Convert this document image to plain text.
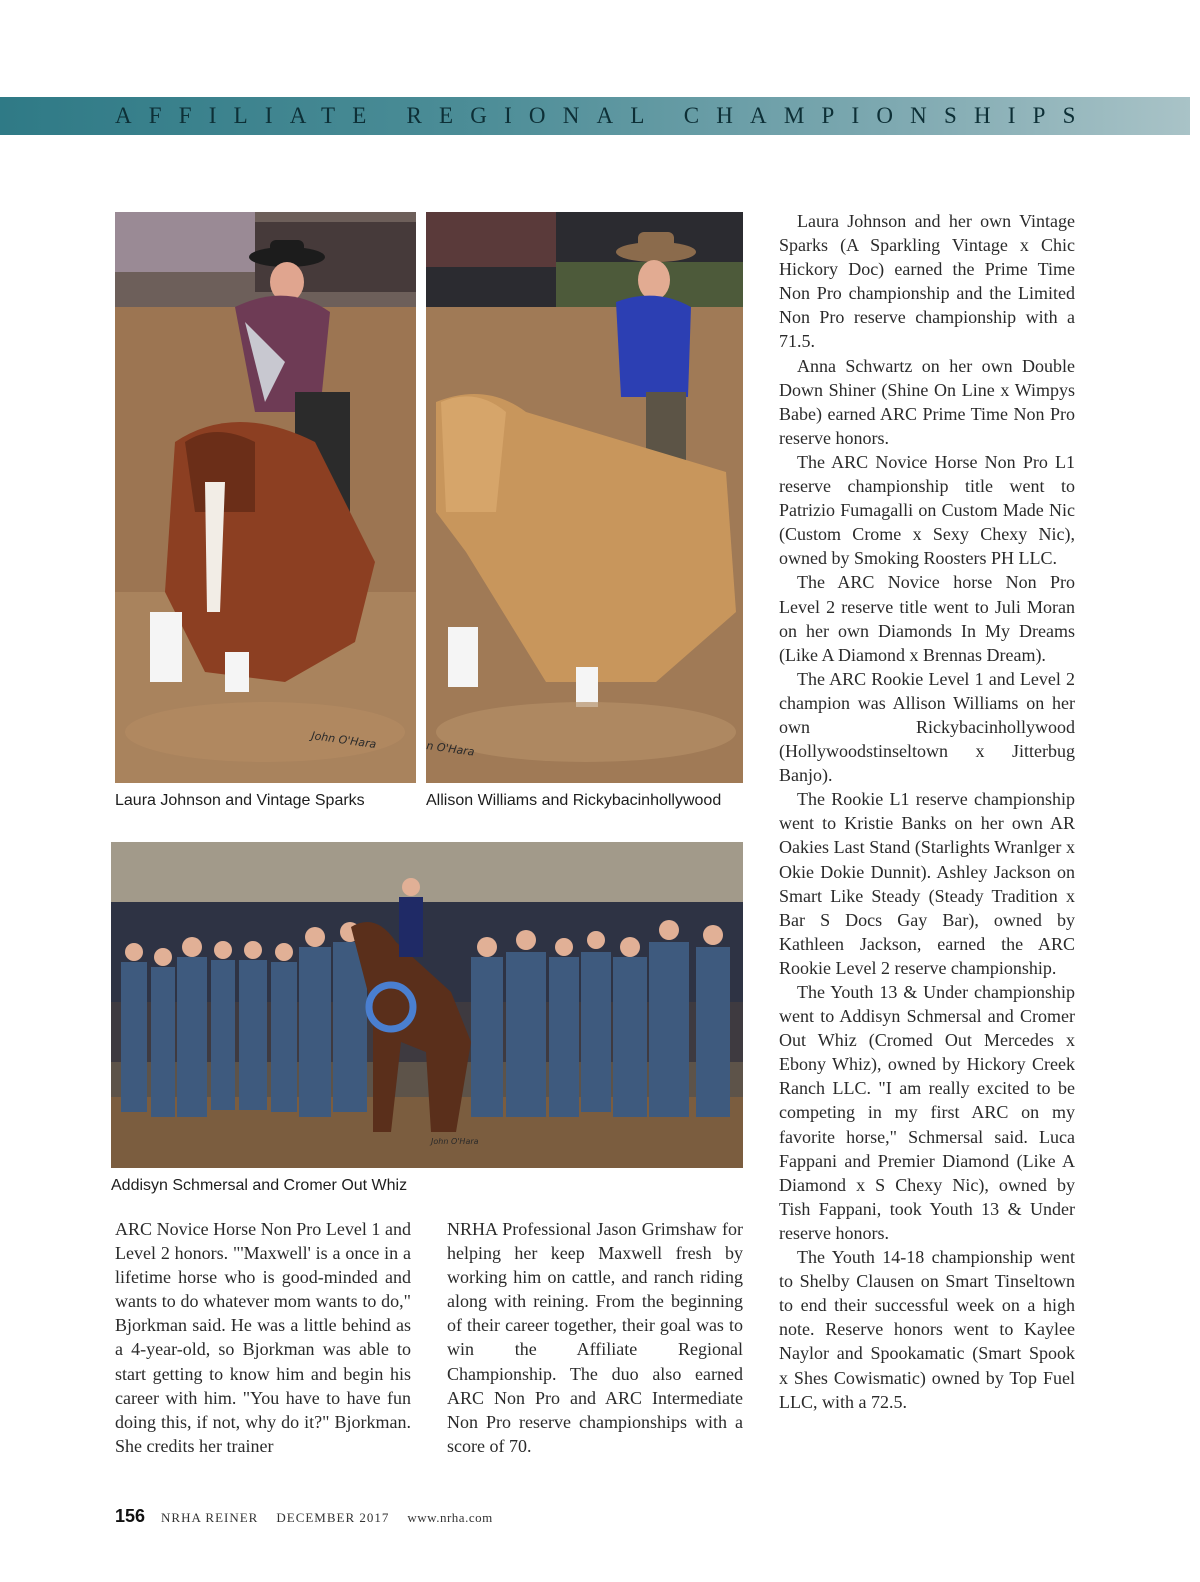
AFFILIATE REGIONAL CHAMPIONSHIPS
John O'Hara
Laura Johnson and Vintage Sparks
n O'Hara
Allison Williams and Rickybacinhollywood
John O'Hara
Addisyn Schmersal and Cromer Out Whiz

ARC Novice Horse Non Pro Level 1 and Level 2 honors. "'Maxwell' is a once in a lifetime horse who is good-minded and wants to do whatever mom wants to do," Bjorkman said. He was a little behind as a 4-year-old, so Bjorkman was able to start getting to know him and begin his career with him. "You have to have fun doing this, if not, why do it?" Bjorkman. She credits her trainer

NRHA Professional Jason Grimshaw for helping her keep Maxwell fresh by working him on cattle, and ranch riding along with reining. From the beginning of their career together, their goal was to win the Affiliate Regional Championship. The duo also earned ARC Non Pro and ARC Intermediate Non Pro reserve championships with a score of 70.

Laura Johnson and her own Vintage Sparks (A Sparkling Vintage x Chic Hickory Doc) earned the Prime Time Non Pro championship and the Limited Non Pro reserve championship with a 71.5.

Anna Schwartz on her own Double Down Shiner (Shine On Line x Wimpys Babe) earned ARC Prime Time Non Pro reserve honors.

The ARC Novice Horse Non Pro L1 reserve championship title went to Patrizio Fumagalli on Custom Made Nic (Custom Crome x Sexy Chexy Nic), owned by Smoking Roosters PH LLC.

The ARC Novice horse Non Pro Level 2 reserve title went to Juli Moran on her own Diamonds In My Dreams (Like A Diamond x Brennas Dream).

The ARC Rookie Level 1 and Level 2 champion was Allison Williams on her own Rickybacinhollywood (Hollywoodstinseltown x Jitterbug Banjo).

The Rookie L1 reserve championship went to Kristie Banks on her own AR Oakies Last Stand (Starlights Wranlger x Okie Dokie Dunnit). Ashley Jackson on Smart Like Steady (Steady Tradition x Bar S Docs Gay Bar), owned by Kathleen Jackson, earned the ARC Rookie Level 2 reserve championship.

The Youth 13 & Under championship went to Addisyn Schmersal and Cromer Out Whiz (Cromed Out Mercedes x Ebony Whiz), owned by Hickory Creek Ranch LLC. "I am really excited to be competing in my first ARC on my favorite horse," Schmersal said. Luca Fappani and Premier Diamond (Like A Diamond x S Chexy Nic), owned by Tish Fappani, took Youth 13 & Under reserve honors.

The Youth 14-18 championship went to Shelby Clausen on Smart Tinseltown to end their successful week on a high note. Reserve honors went to Kaylee Naylor and Spookamatic (Smart Spook x Shes Cowismatic) owned by Top Fuel LLC, with a 72.5.

156 NRHA REINER DECEMBER 2017 www.nrha.com
